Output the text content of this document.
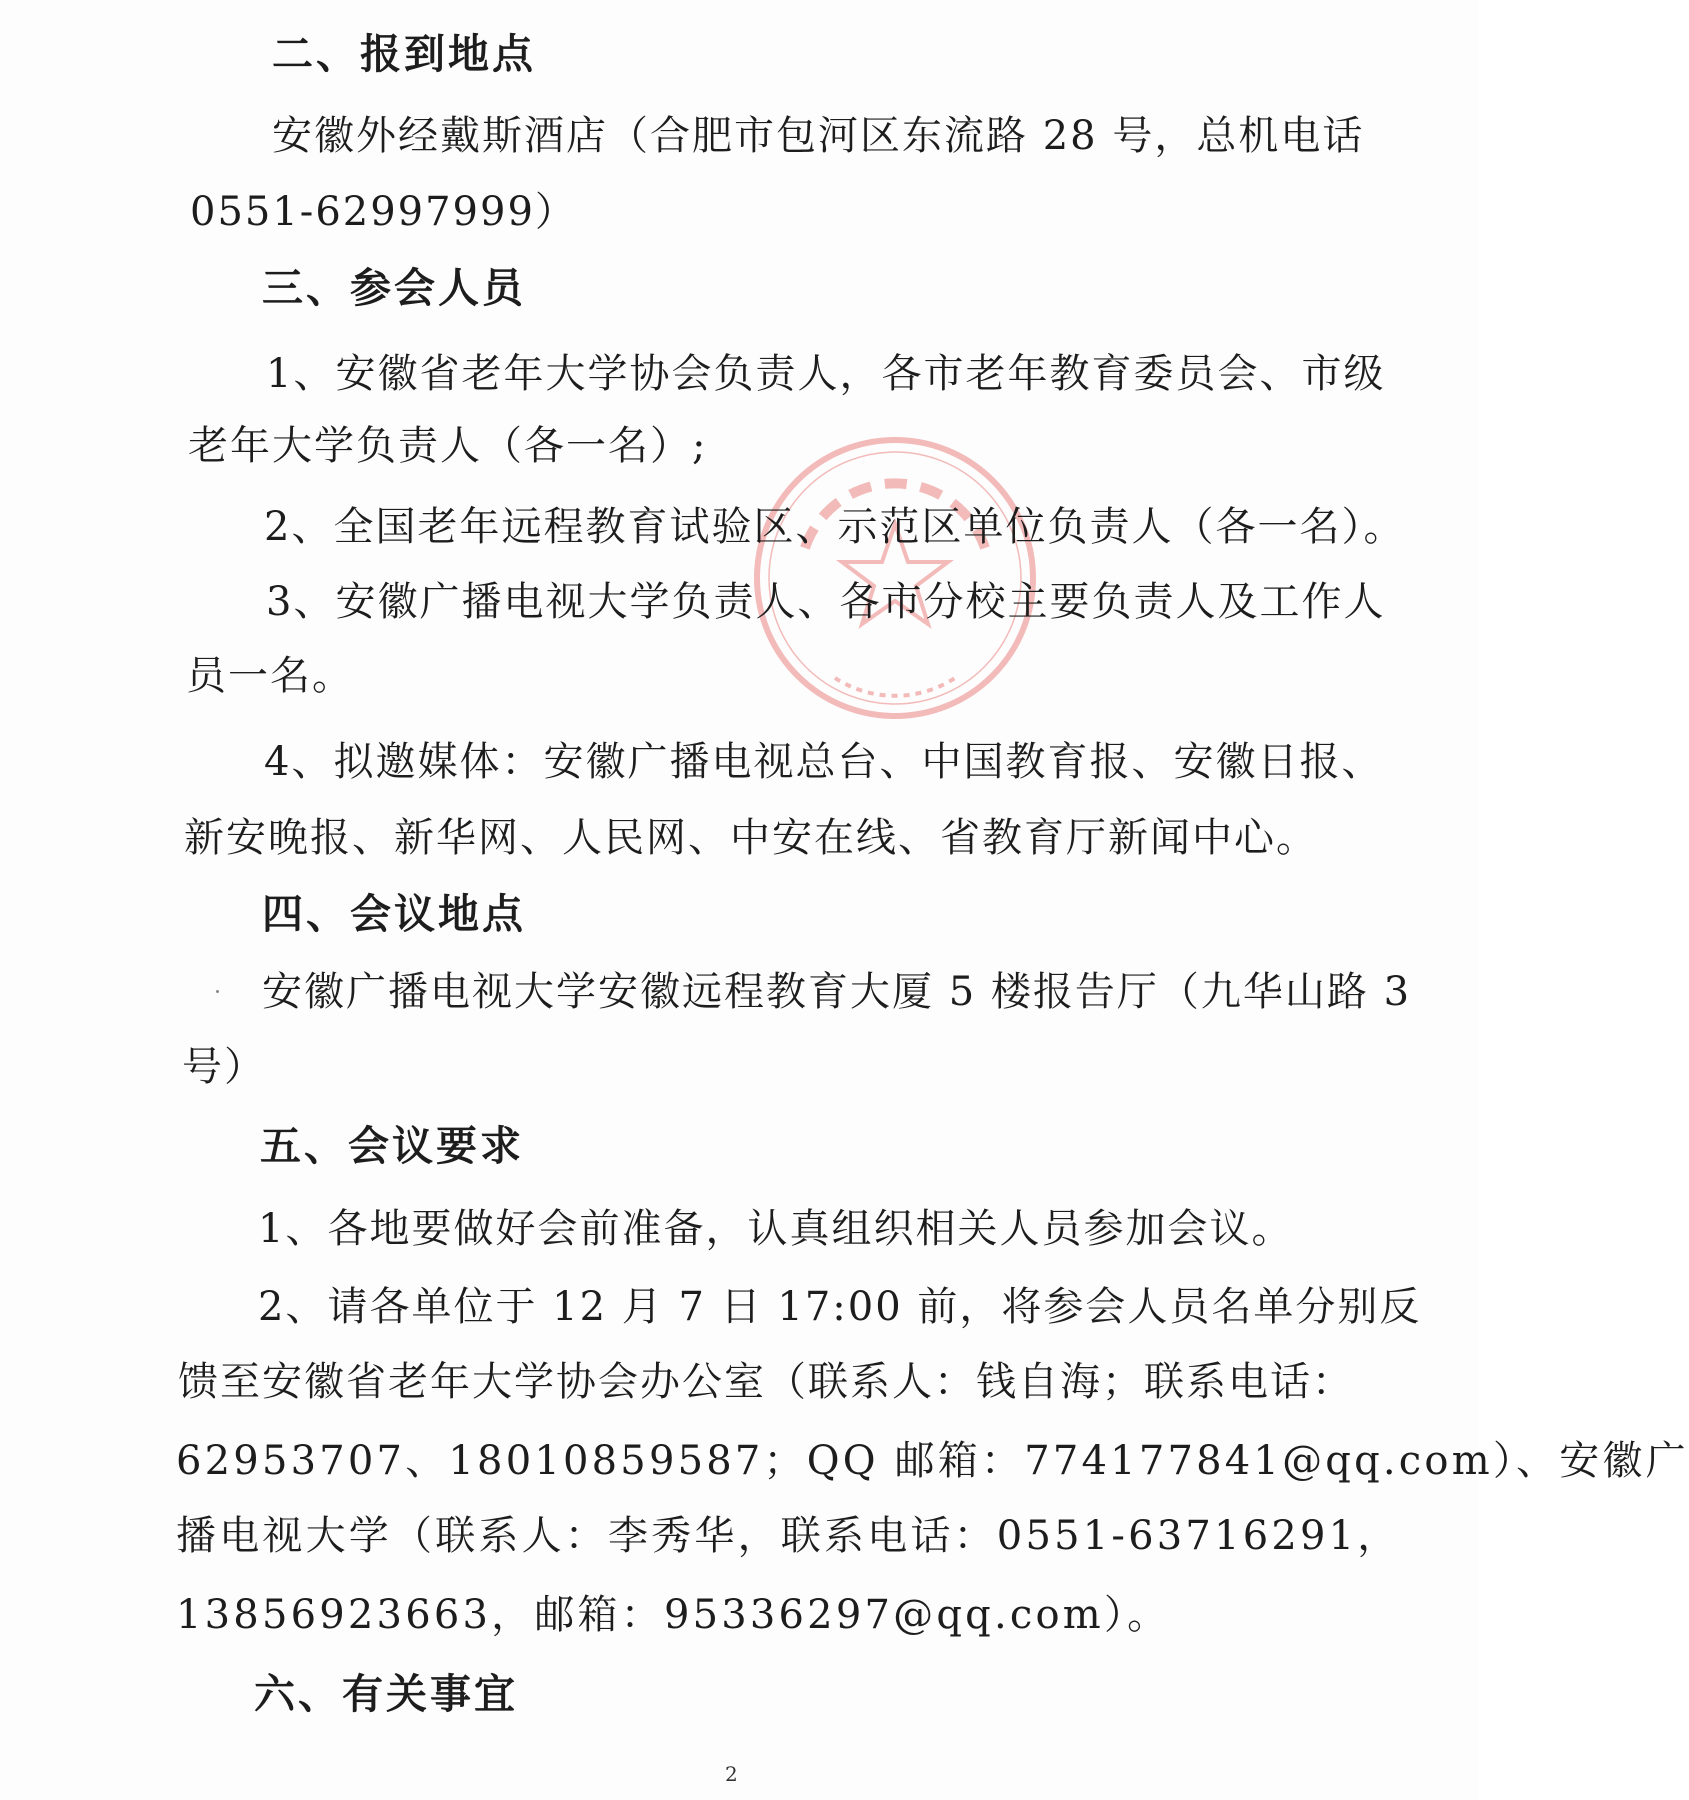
二、报到地点
安徽外经戴斯酒店（合肥市包河区东流路 28 号，总机电话
0551-62997999）
三、参会人员
1、安徽省老年大学协会负责人，各市老年教育委员会、市级
老年大学负责人（各一名）;
2、全国老年远程教育试验区、示范区单位负责人（各一名）。
3、安徽广播电视大学负责人、各市分校主要负责人及工作人
员一名。
4、拟邀媒体：安徽广播电视总台、中国教育报、安徽日报、
新安晚报、新华网、人民网、中安在线、省教育厅新闻中心。
四、会议地点
安徽广播电视大学安徽远程教育大厦 5 楼报告厅（九华山路 3
号）
五、会议要求
1、各地要做好会前准备，认真组织相关人员参加会议。
2、请各单位于 12 月 7 日 17:00 前，将参会人员名单分别反
馈至安徽省老年大学协会办公室（联系人：钱自海；联系电话：
62953707、18010859587；QQ 邮箱：774177841@qq.com）、安徽广
播电视大学（联系人：李秀华，联系电话：0551-63716291，
13856923663，邮箱：95336297@qq.com）。
六、有关事宜
2
